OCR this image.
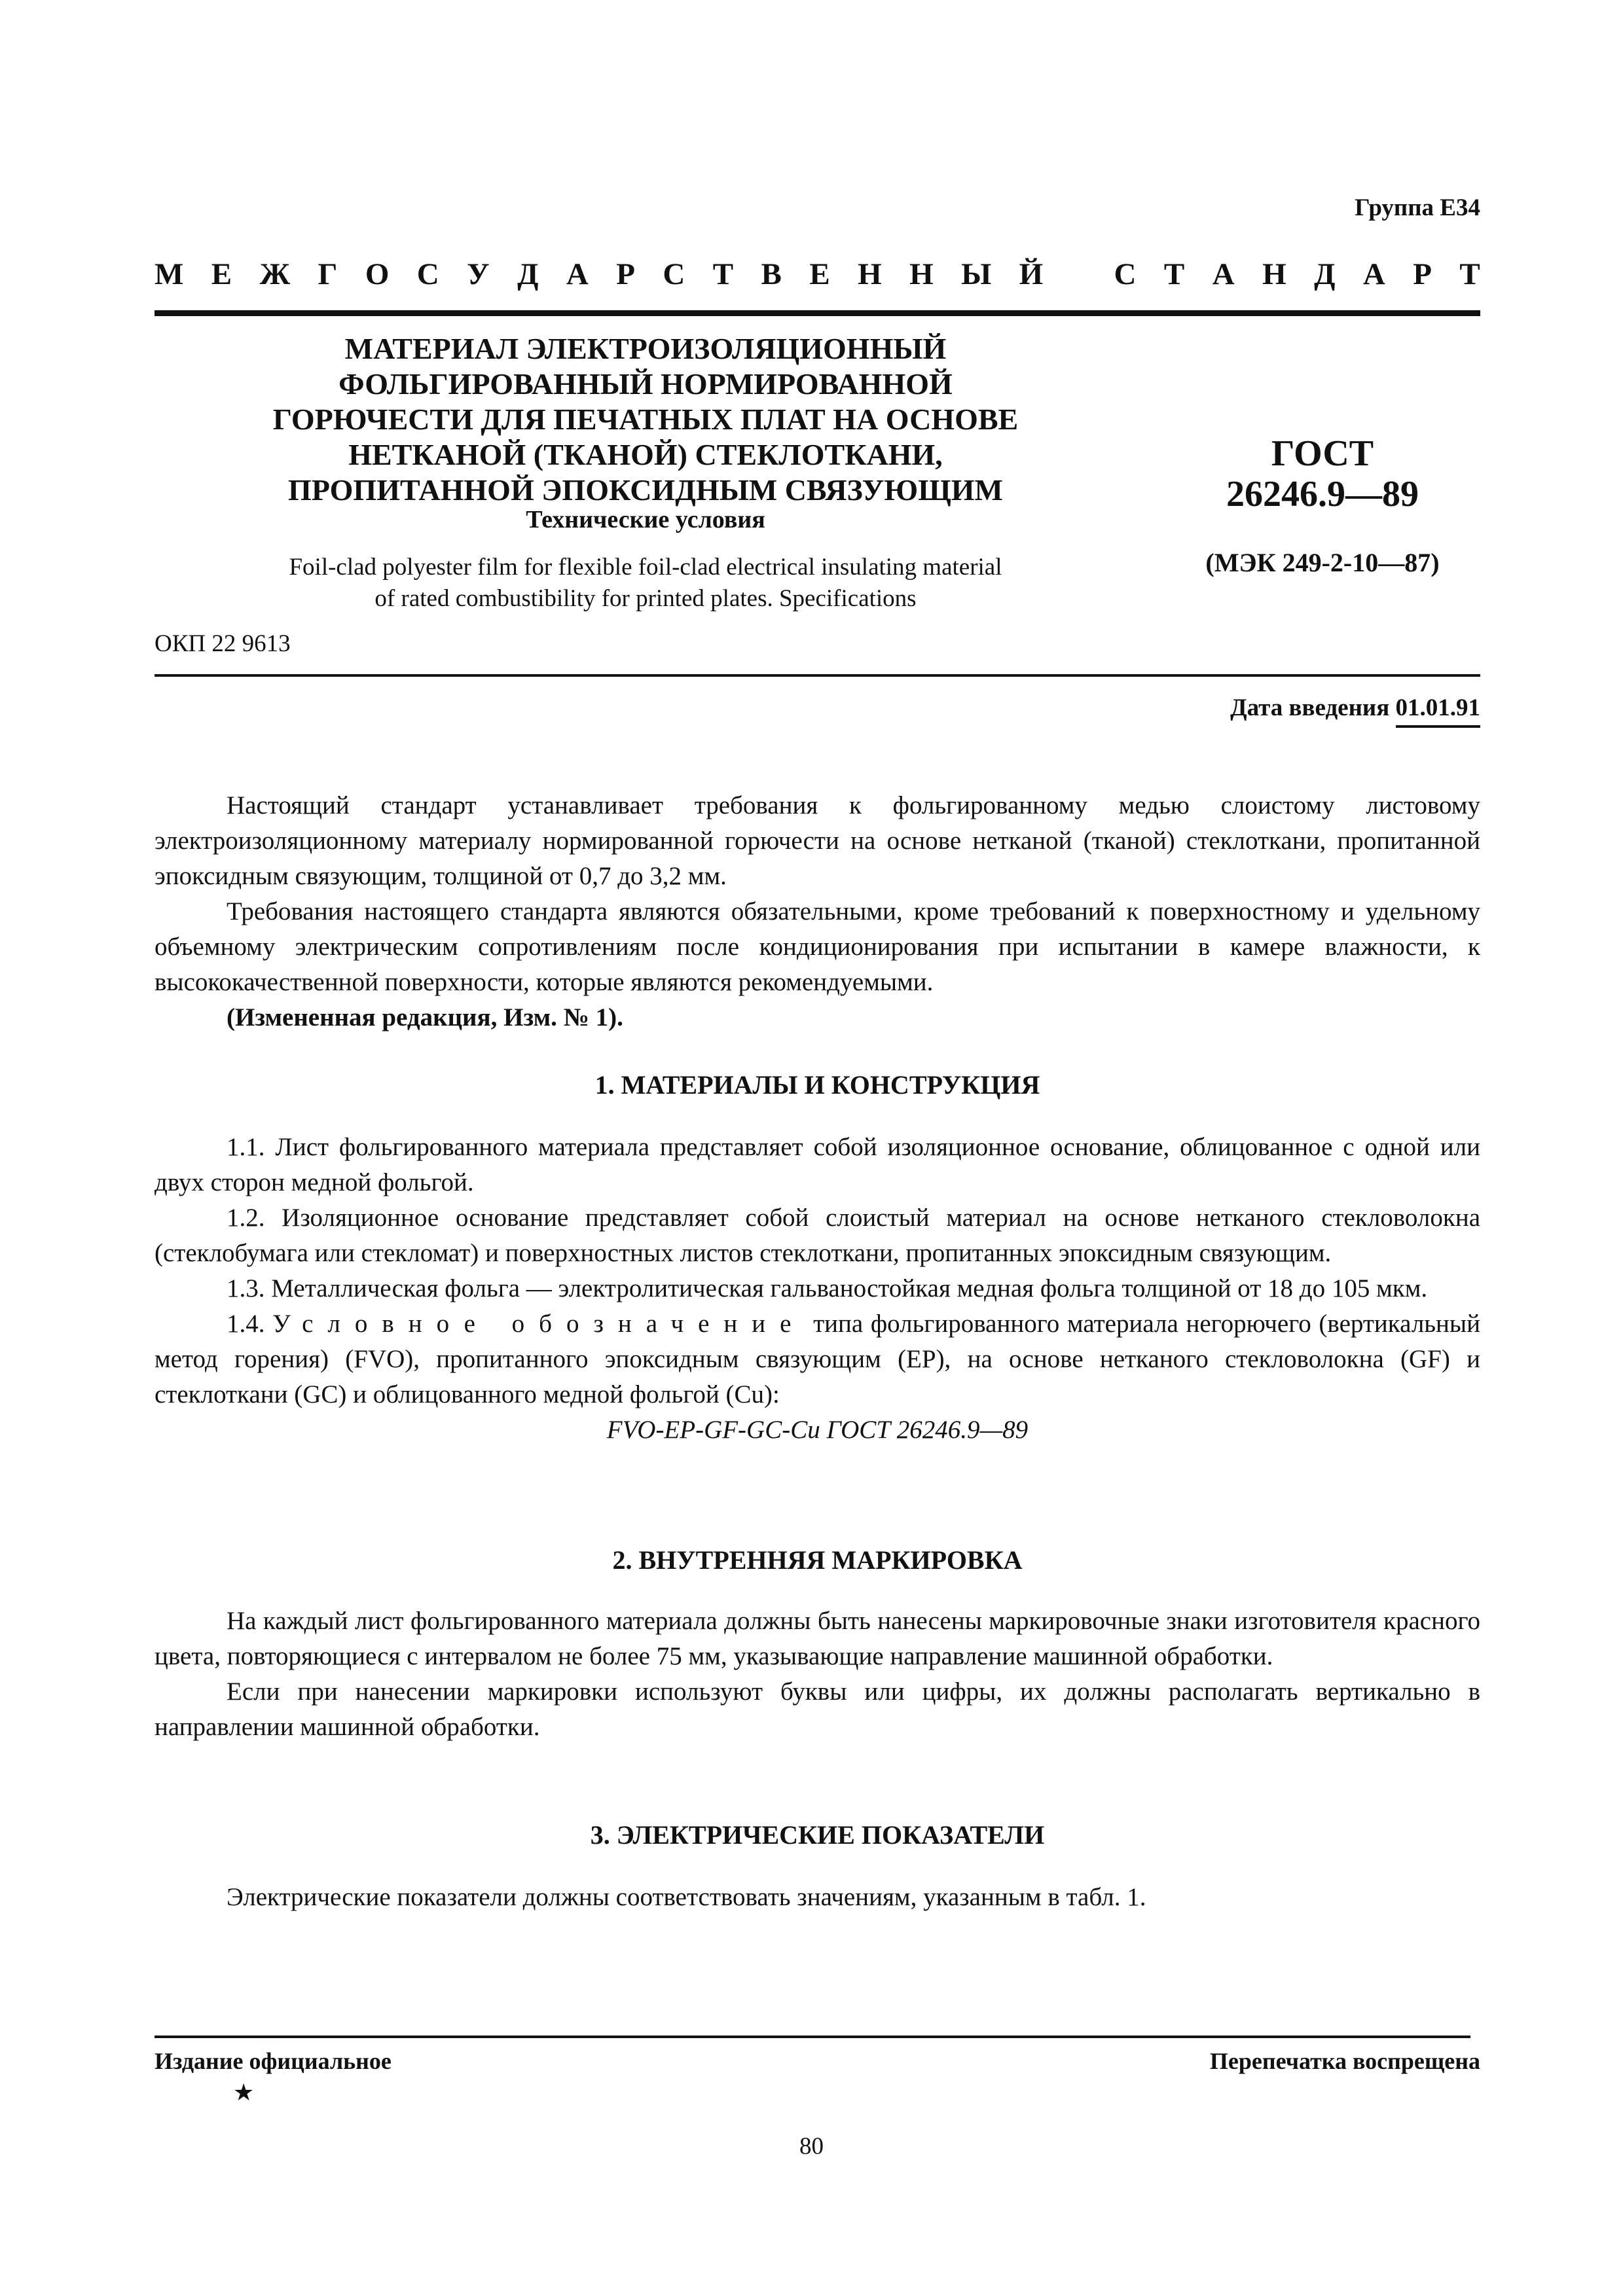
Группа Е34
М Е Ж Г О С У Д А Р С Т В Е Н Н Ы Й
С Т А Н Д А Р Т
МАТЕРИАЛ ЭЛЕКТРОИЗОЛЯЦИОННЫЙ
ФОЛЬГИРОВАННЫЙ НОРМИРОВАННОЙ
ГОРЮЧЕСТИ ДЛЯ ПЕЧАТНЫХ ПЛАТ НА ОСНОВЕ
НЕТКАНОЙ (ТКАНОЙ) СТЕКЛОТКАНИ,
ПРОПИТАННОЙ ЭПОКСИДНЫМ СВЯЗУЮЩИМ
Технические условия
Foil-clad polyester film for flexible foil-clad electrical insulating material
of rated combustibility for printed plates. Specifications
ОКП 22 9613
ГОСТ
26246.9—89
(МЭК 249-2-10—87)
Дата введения 01.01.91

Настоящий стандарт устанавливает требования к фольгированному медью слоистому листовому электроизоляционному материалу нормированной горючести на основе нетканой (тканой) стеклоткани, пропитанной эпоксидным связующим, толщиной от 0,7 до 3,2 мм.

Требования настоящего стандарта являются обязательными, кроме требований к поверхностному и удельному объемному электрическим сопротивлениям после кондиционирования при испытании в камере влажности, к высококачественной поверхности, которые являются рекомендуемыми.

(Измененная редакция, Изм. № 1).

1. МАТЕРИАЛЫ И КОНСТРУКЦИЯ

1.1. Лист фольгированного материала представляет собой изоляционное основание, облицованное с одной или двух сторон медной фольгой.

1.2. Изоляционное основание представляет собой слоистый материал на основе нетканого стекловолокна (стеклобумага или стекломат) и поверхностных листов стеклоткани, пропитанных эпоксидным связующим.

1.3. Металлическая фольга — электролитическая гальваностойкая медная фольга толщиной от 18 до 105 мкм.

1.4. Условное обозначение типа фольгированного материала негорючего (вертикальный метод горения) (FVO), пропитанного эпоксидным связующим (EP), на основе нетканого стекловолокна (GF) и стеклоткани (GC) и облицованного медной фольгой (Cu):

FVO-EP-GF-GC-Cu ГОСТ 26246.9—89

2. ВНУТРЕННЯЯ МАРКИРОВКА

На каждый лист фольгированного материала должны быть нанесены маркировочные знаки изготовителя красного цвета, повторяющиеся с интервалом не более 75 мм, указывающие направление машинной обработки.

Если при нанесении маркировки используют буквы или цифры, их должны располагать вертикально в направлении машинной обработки.

3. ЭЛЕКТРИЧЕСКИЕ ПОКАЗАТЕЛИ

Электрические показатели должны соответствовать значениям, указанным в табл. 1.

Издание официальное	Перепечатка воспрещена
★
80
